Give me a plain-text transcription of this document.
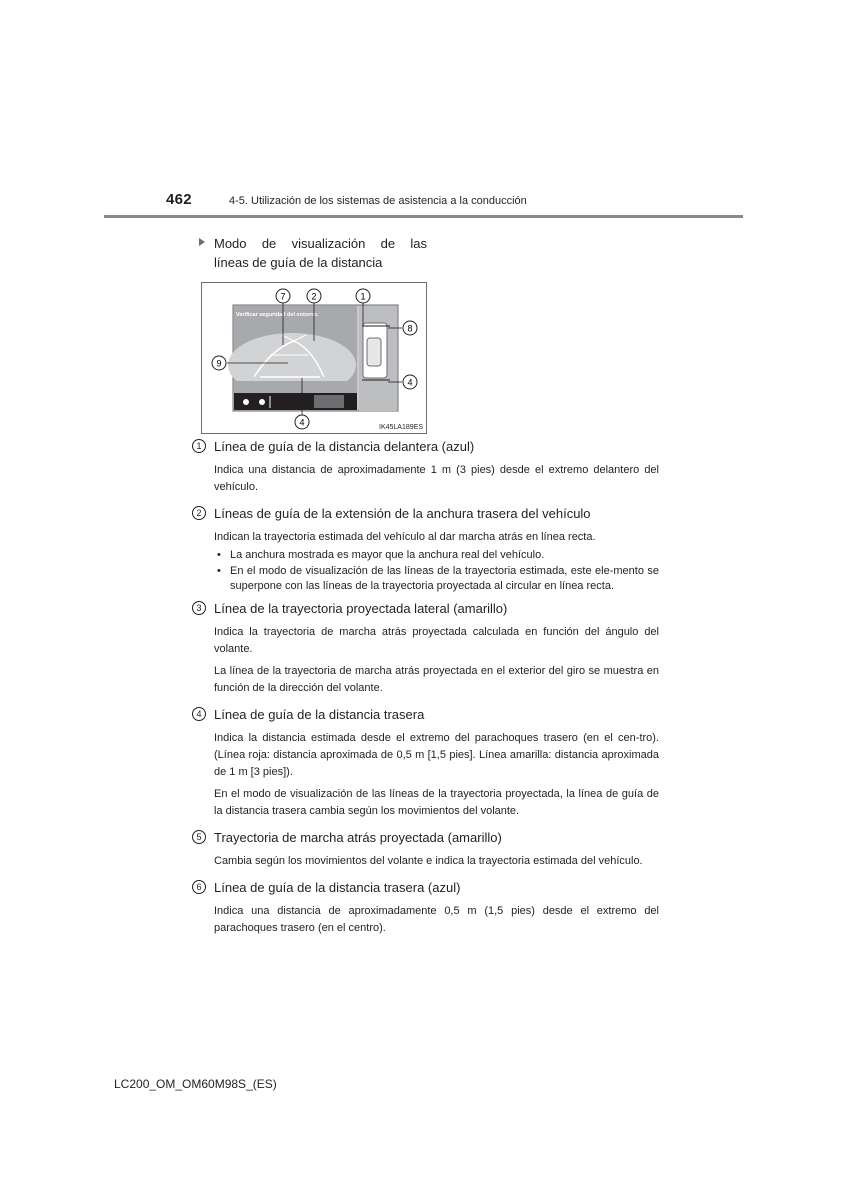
462	4-5. Utilización de los sistemas de asistencia a la conducción
Modo de visualización de las
líneas de guía de la distancia
Verificar seguridad del entorno.
7	2	1
8
9
4
4	IK45LA189ES
1 Línea de guía de la distancia delantera (azul)
Indica una distancia de aproximadamente 1 m (3 pies) desde el extremo delantero del vehículo.
2 Líneas de guía de la extensión de la anchura trasera del vehículo
Indican la trayectoria estimada del vehículo al dar marcha atrás en línea recta.
• La anchura mostrada es mayor que la anchura real del vehículo.
• En el modo de visualización de las líneas de la trayectoria estimada, este ele-mento se superpone con las líneas de la trayectoria proyectada al circular en línea recta.
3 Línea de la trayectoria proyectada lateral (amarillo)
Indica la trayectoria de marcha atrás proyectada calculada en función del ángulo del volante.
La línea de la trayectoria de marcha atrás proyectada en el exterior del giro se muestra en función de la dirección del volante.
4 Línea de guía de la distancia trasera
Indica la distancia estimada desde el extremo del parachoques trasero (en el cen-tro). (Línea roja: distancia aproximada de 0,5 m [1,5 pies]. Línea amarilla: distancia aproximada de 1 m [3 pies]).
En el modo de visualización de las líneas de la trayectoria proyectada, la línea de guía de la distancia trasera cambia según los movimientos del volante.
5 Trayectoria de marcha atrás proyectada (amarillo)
Cambia según los movimientos del volante e indica la trayectoria estimada del vehículo.
6 Línea de guía de la distancia trasera (azul)
Indica una distancia de aproximadamente 0,5 m (1,5 pies) desde el extremo del parachoques trasero (en el centro).
LC200_OM_OM60M98S_(ES)
